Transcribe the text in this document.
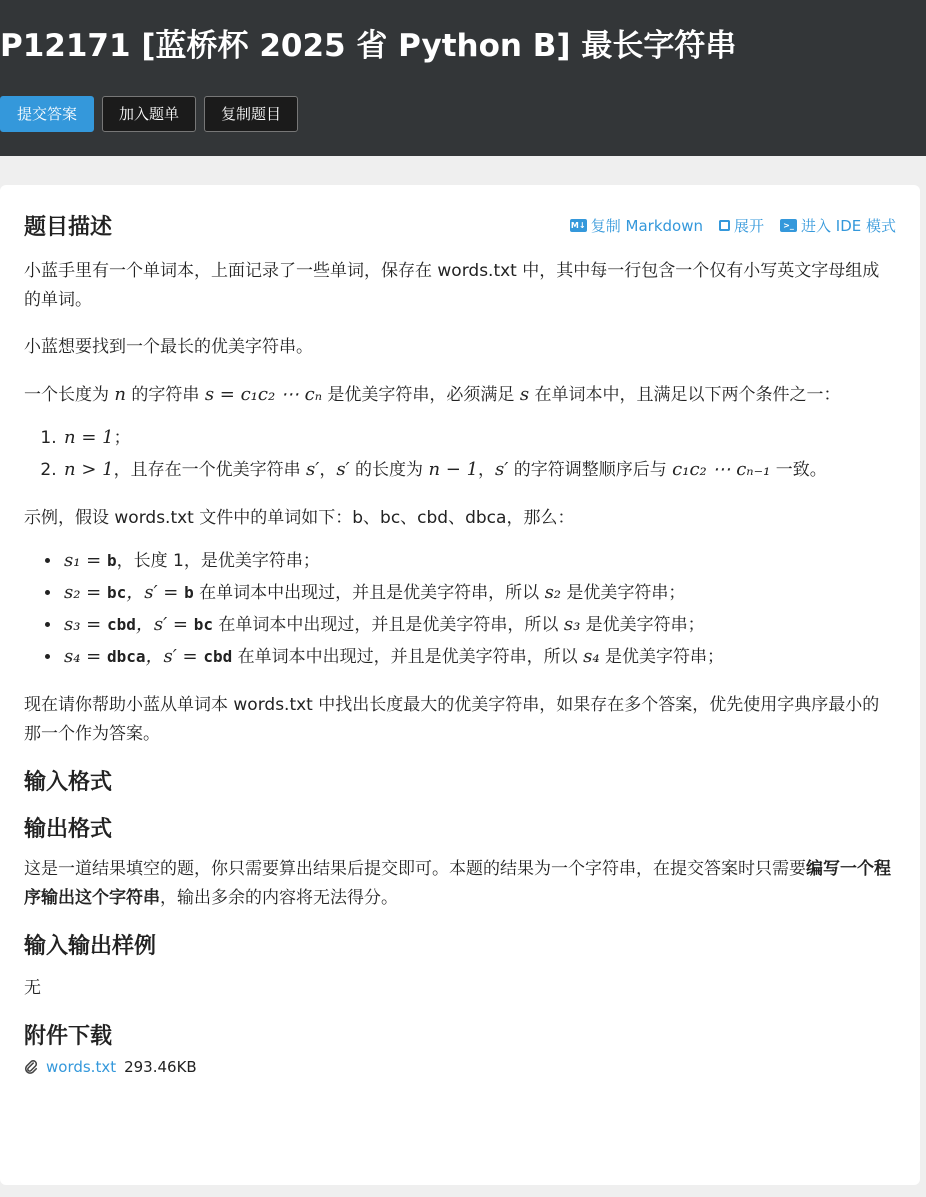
P12171 [蓝桥杯 2025 省 Python B] 最长字符串
提交答案	加入题单	复制题目
题目描述	M↓ 复制 Markdown 展开	>_ 进入 IDE 模式

小蓝手里有一个单词本，上面记录了一些单词，保存在 words.txt 中，其中每一行包含一个仅有小写英文字母组成的单词。

小蓝想要找到一个最长的优美字符串。

一个长度为 n 的字符串 s = c₁c₂ ⋯ cₙ 是优美字符串，必须满足 s 在单词本中，且满足以下两个条件之一：

1. n = 1；
2. n > 1，且存在一个优美字符串 s′，s′ 的长度为 n − 1，s′ 的字符调整顺序后与 c₁c₂ ⋯ cₙ₋₁ 一致。

示例，假设 words.txt 文件中的单词如下：b、bc、cbd、dbca，那么：

• s₁ = b，长度 1，是优美字符串；
• s₂ = bc，s′ = b 在单词本中出现过，并且是优美字符串，所以 s₂ 是优美字符串；
• s₃ = cbd，s′ = bc 在单词本中出现过，并且是优美字符串，所以 s₃ 是优美字符串；
• s₄ = dbca，s′ = cbd 在单词本中出现过，并且是优美字符串，所以 s₄ 是优美字符串；

现在请你帮助小蓝从单词本 words.txt 中找出长度最大的优美字符串，如果存在多个答案，优先使用字典序最小的那一个作为答案。

输入格式
输出格式

这是一道结果填空的题，你只需要算出结果后提交即可。本题的结果为一个字符串，在提交答案时只需要编写一个程序输出这个字符串，输出多余的内容将无法得分。

输入输出样例

无

附件下载
words.txt 293.46KB
